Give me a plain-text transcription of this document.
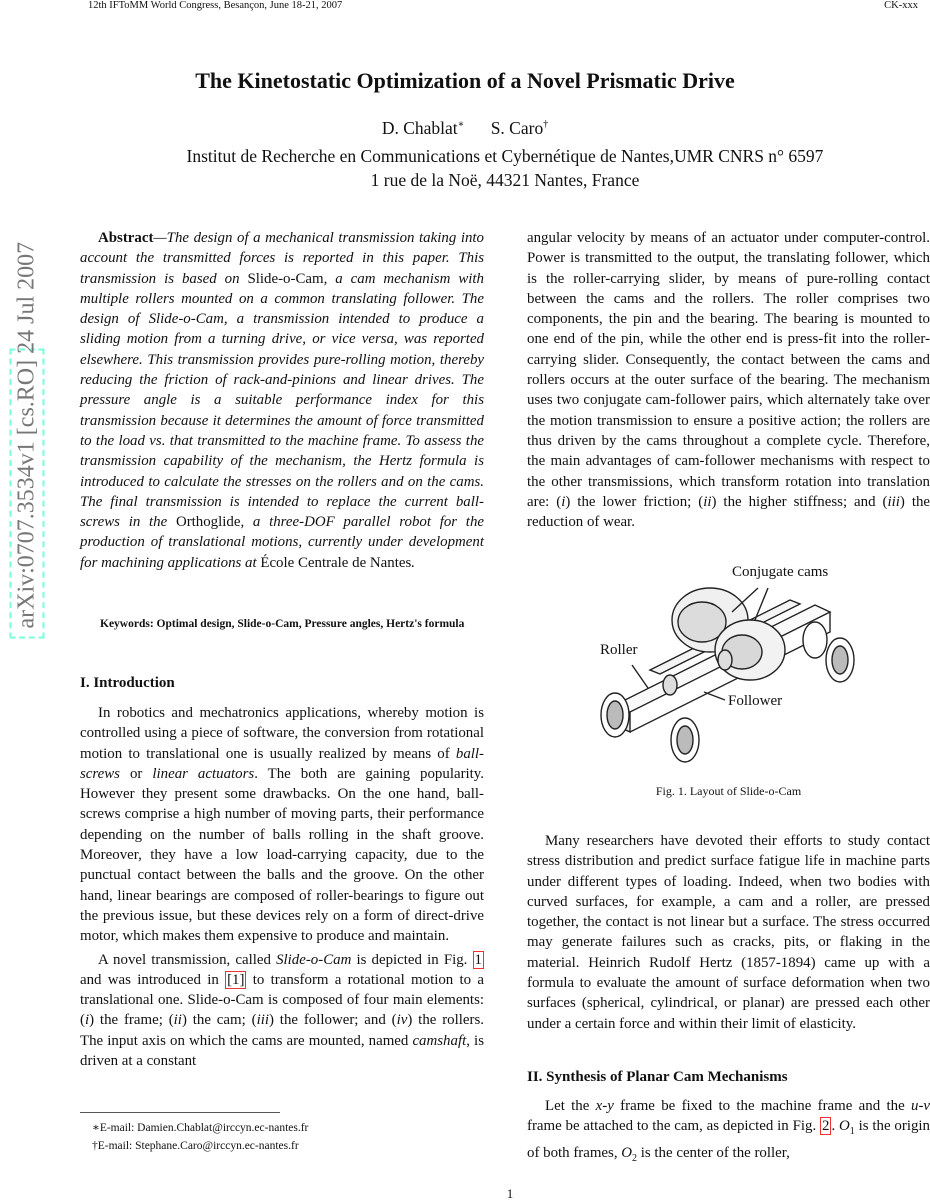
12th IFToMM World Congress, Besançon, June 18-21, 2007	CK-xxx
The Kinetostatic Optimization of a Novel Prismatic Drive
D. Chablat∗ S. Caro†
Institut de Recherche en Communications et Cybernétique de Nantes,UMR CNRS n° 6597
1 rue de la Noë, 44321 Nantes, France
arXiv:0707.3534v1 [cs.RO] 24 Jul 2007

Abstract—The design of a mechanical transmission taking into account the transmitted forces is reported in this paper. This transmission is based on Slide-o-Cam, a cam mechanism with multiple rollers mounted on a common translating follower. The design of Slide-o-Cam, a transmission intended to produce a sliding motion from a turning drive, or vice versa, was reported elsewhere. This transmission provides pure-rolling motion, thereby reducing the friction of rack-and-pinions and linear drives. The pressure angle is a suitable performance index for this transmission because it determines the amount of force transmitted to the load vs. that transmitted to the machine frame. To assess the transmission capability of the mechanism, the Hertz formula is introduced to calculate the stresses on the rollers and on the cams. The final transmission is intended to replace the current ball-screws in the Orthoglide, a three-DOF parallel robot for the production of translational motions, currently under development for machining applications at École Centrale de Nantes.

Keywords: Optimal design, Slide-o-Cam, Pressure angles, Hertz's formula
I. Introduction

In robotics and mechatronics applications, whereby motion is controlled using a piece of software, the conversion from rotational motion to translational one is usually realized by means of ball-screws or linear actuators. The both are gaining popularity. However they present some drawbacks. On the one hand, ball-screws comprise a high number of moving parts, their performance depending on the number of balls rolling in the shaft groove. Moreover, they have a low load-carrying capacity, due to the punctual contact between the balls and the groove. On the other hand, linear bearings are composed of roller-bearings to figure out the previous issue, but these devices rely on a form of direct-drive motor, which makes them expensive to produce and maintain.

A novel transmission, called Slide-o-Cam is depicted in Fig. 1 and was introduced in [1] to transform a rotational motion to a translational one. Slide-o-Cam is composed of four main elements: (i) the frame; (ii) the cam; (iii) the follower; and (iv) the rollers. The input axis on which the cams are mounted, named camshaft, is driven at a constant

∗E-mail: Damien.Chablat@irccyn.ec-nantes.fr
†E-mail: Stephane.Caro@irccyn.ec-nantes.fr

angular velocity by means of an actuator under computer-control. Power is transmitted to the output, the translating follower, which is the roller-carrying slider, by means of pure-rolling contact between the cams and the rollers. The roller comprises two components, the pin and the bearing. The bearing is mounted to one end of the pin, while the other end is press-fit into the roller-carrying slider. Consequently, the contact between the cams and rollers occurs at the outer surface of the bearing. The mechanism uses two conjugate cam-follower pairs, which alternately take over the motion transmission to ensure a positive action; the rollers are thus driven by the cams throughout a complete cycle. Therefore, the main advantages of cam-follower mechanisms with respect to the other transmissions, which transform rotation into translation are: (i) the lower friction; (ii) the higher stiffness; and (iii) the reduction of wear.

Conjugate cams
Roller
Follower
Fig. 1. Layout of Slide-o-Cam

Many researchers have devoted their efforts to study contact stress distribution and predict surface fatigue life in machine parts under different types of loading. Indeed, when two bodies with curved surfaces, for example, a cam and a roller, are pressed together, the contact is not linear but a surface. The stress occurred may generate failures such as cracks, pits, or flaking in the material. Heinrich Rudolf Hertz (1857-1894) came up with a formula to evaluate the amount of surface deformation when two surfaces (spherical, cylindrical, or planar) are pressed each other under a certain force and within their limit of elasticity.

II. Synthesis of Planar Cam Mechanisms

Let the x-y frame be fixed to the machine frame and the u-v frame be attached to the cam, as depicted in Fig. 2 . $O_1$ is the origin of both frames, $O_2$ is the center of the roller,

1
